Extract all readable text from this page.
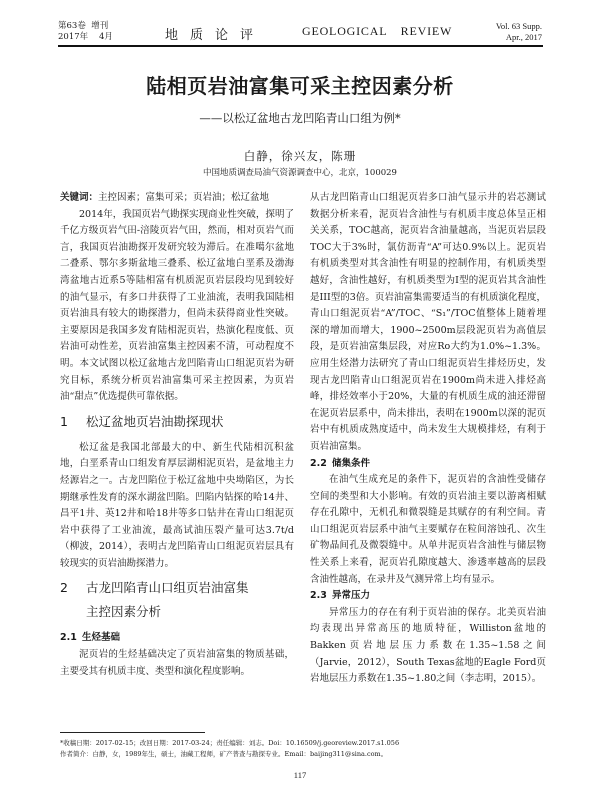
第63卷  增刊
2017年    4月	地质论评	GEOLOGICAL REVIEW	Vol. 63 Supp.
Apr., 2017
陆相页岩油富集可采主控因素分析
——以松辽盆地古龙凹陷青山口组为例*
白静，徐兴友，陈珊
中国地质调查局油气资源调查中心，北京，100029

关键词：主控因素；富集可采；页岩油；松辽盆地

2014年，我国页岩气勘探实现商业性突破，探明了千亿方级页岩气田-涪陵页岩气田，然而，相对页岩气而言，我国页岩油勘探开发研究较为滞后。在准噶尔盆地二叠系、鄂尔多斯盆地三叠系、松辽盆地白垩系及渤海湾盆地古近系5等陆相富有机质泥页岩层段均见到较好的油气显示，有多口井获得了工业油流，表明我国陆相页岩油具有较大的勘探潜力，但尚未获得商业性突破。主要原因是我国多发育陆相泥页岩，热演化程度低、页岩油可动性差，页岩油富集主控因素不清，可动程度不明。本文试图以松辽盆地古龙凹陷青山口组泥页岩为研究目标，系统分析页岩油富集可采主控因素，为页岩油“甜点”优选提供可靠依据。

1 松辽盆地页岩油勘探现状

松辽盆是我国北部最大的中、新生代陆相沉积盆地，白垩系青山口组发育厚层湖相泥页岩，是盆地主力烃源岩之一。古龙凹陷位于松辽盆地中央坳陷区，为长期继承性发育的深水湖盆凹陷。凹陷内钻探的哈14井、昌平1井、英12井和哈18井等多口钻井在青山口组泥页岩中获得了工业油流，最高试油压裂产量可达3.7t/d（柳波，2014），表明古龙凹陷青山口组泥页岩层具有较现实的页岩油勘探潜力。

2 古龙凹陷青山口组页岩油富集
主控因素分析

2.1 生烃基础

泥页岩的生烃基础决定了页岩油富集的物质基础，主要受其有机质丰度、类型和演化程度影响。

从古龙凹陷青山口组泥页岩多口油气显示井的岩芯测试数据分析来看，泥页岩含油性与有机质丰度总体呈正相关关系，TOC越高，泥页岩含油量越高，当泥页岩层段TOC大于3%时，氯仿沥青“A”可达0.9%以上。泥页岩有机质类型对其含油性有明显的控制作用，有机质类型越好，含油性越好，有机质类型为I型的泥页岩其含油性是III型的3倍。页岩油富集需要适当的有机质演化程度，青山口组泥页岩“A”/TOC、“S₁”/TOC值整体上随着埋深的增加而增大，1900~2500m层段泥页岩为高值层段，是页岩油富集层段，对应Ro大约为1.0%~1.3%。应用生烃潜力法研究了青山口组泥页岩生排烃历史，发现古龙凹陷青山口组泥页岩在1900m尚未进入排烃高峰，排烃效率小于20%，大量的有机质生成的油还滞留在泥页岩层系中，尚未排出，表明在1900m以深的泥页岩中有机质成熟度适中，尚未发生大规模排烃，有利于页岩油富集。

2.2 储集条件

在油气生成充足的条件下，泥页岩的含油性受储存空间的类型和大小影响。有效的页岩油主要以游离相赋存在孔隙中，无机孔和微裂缝是其赋存的有利空间。青山口组泥页岩层系中油气主要赋存在粒间溶蚀孔、次生矿物晶间孔及微裂缝中。从单井泥页岩含油性与储层物性关系上来看，泥页岩孔隙度越大、渗透率越高的层段含油性越高，在录井及气测异常上均有显示。

2.3 异常压力

异常压力的存在有利于页岩油的保存。北美页岩油均表现出异常高压的地质特征，Williston盆地的Bakken页岩地层压力系数在1.35~1.58之间（Jarvie，2012），South Texas盆地的Eagle Ford页岩地层压力系数在1.35~1.80之间（李志明，2015）。

*收稿日期：2017-02-15；改回日期：2017-03-24；责任编辑：刘志。Doi：10.16509/j.georeview.2017.s1.056
作者简介：白静，女，1989年生，硕士，油藏工程师，矿产普查与勘探专业。Email：baijing311@sina.com。
117
